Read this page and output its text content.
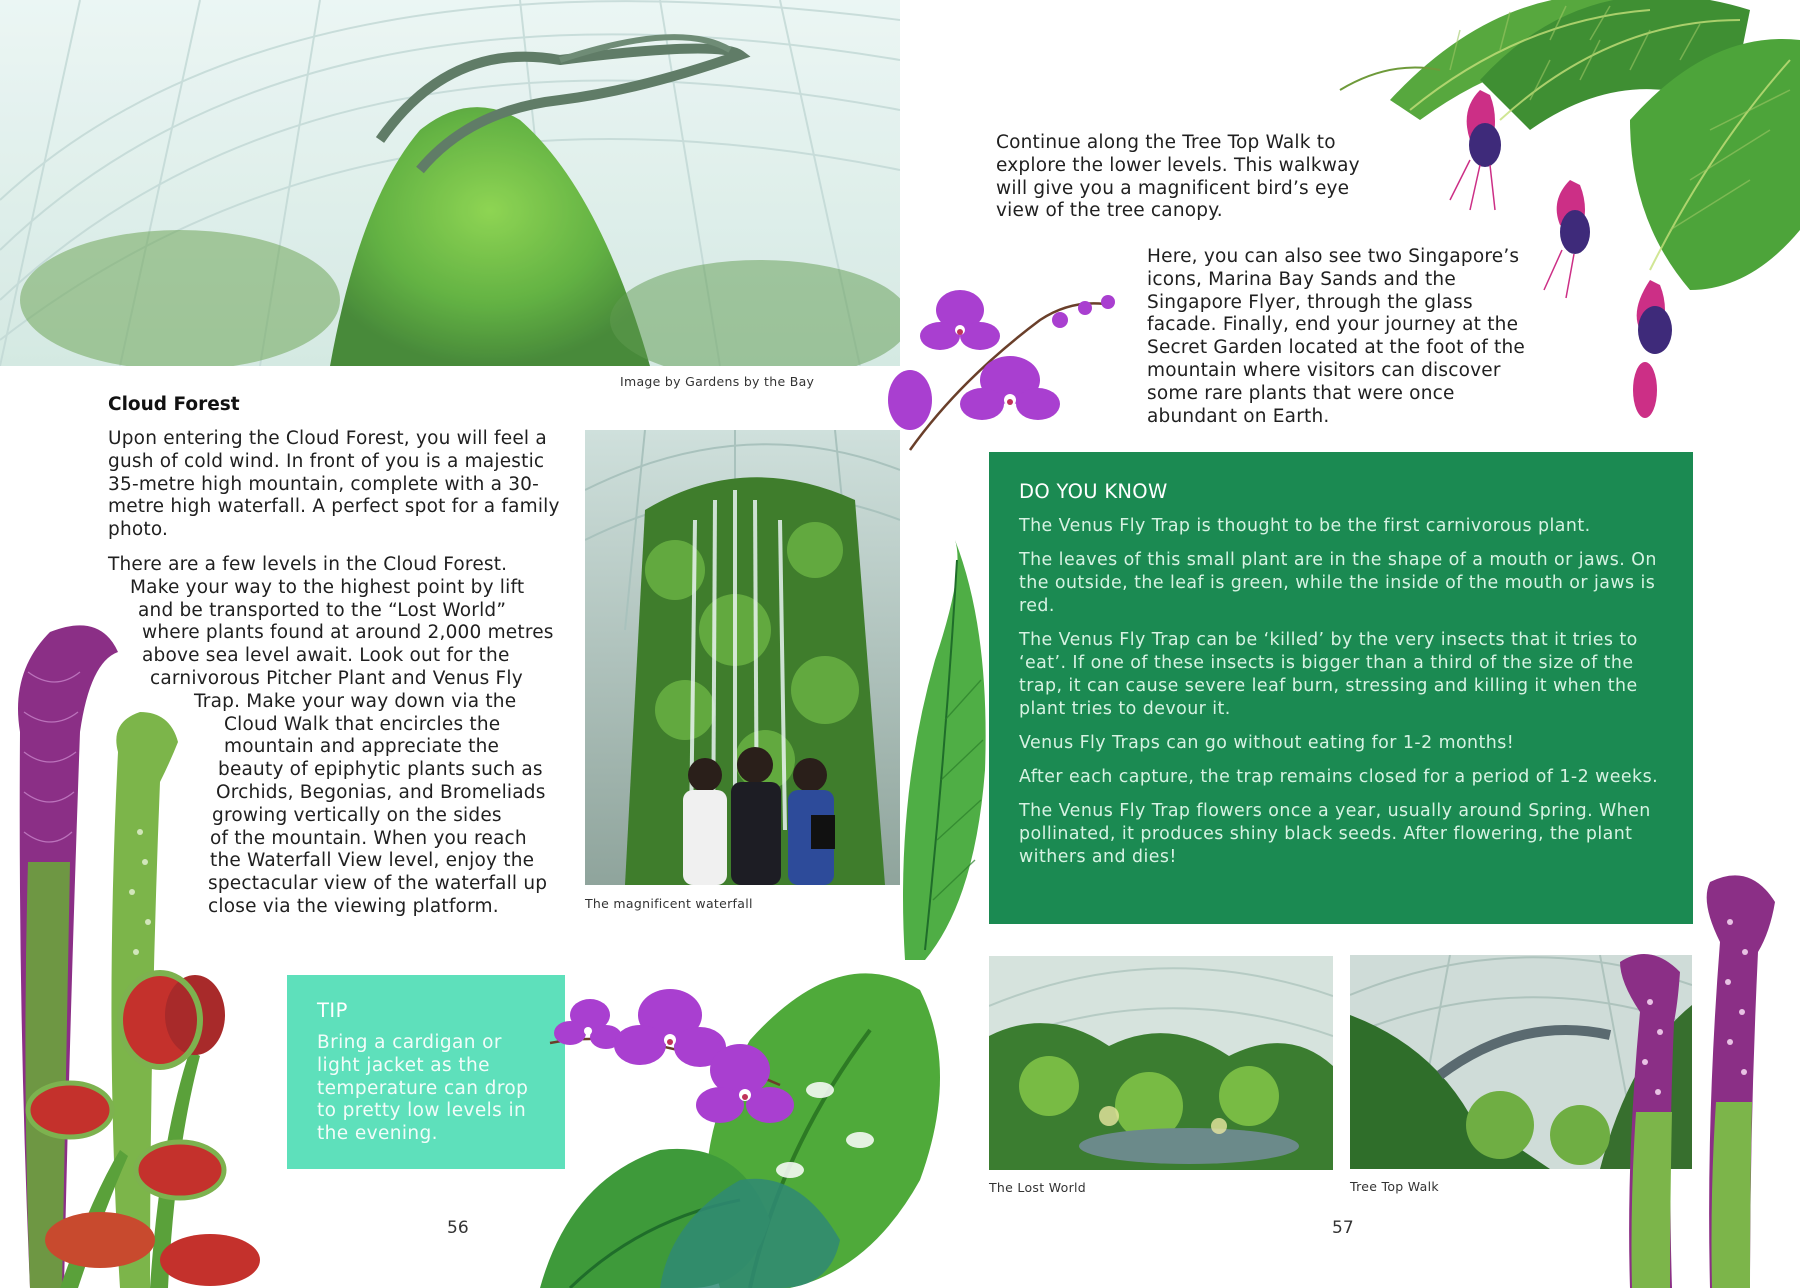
Image by Gardens by the Bay
Cloud Forest

Upon entering the Cloud Forest, you will feel a gush of cold wind. In front of you is a majestic 35-metre high mountain, complete with a 30-metre high waterfall. A perfect spot for a family photo.

There are a few levels in the Cloud Forest.
Make your way to the highest point by lift
and be transported to the “Lost World”
where plants found at around 2,000 metres
above sea level await. Look out for the
carnivorous Pitcher Plant and Venus Fly
Trap. Make your way down via the
Cloud Walk that encircles the
mountain and appreciate the
beauty of epiphytic plants such as
Orchids, Begonias, and Bromeliads
growing vertically on the sides
of the mountain. When you reach
the Waterfall View level, enjoy the
spectacular view of the waterfall up
close via the viewing platform.	The magnificent waterfall
TIP

Bring a cardigan or light jacket as the temperature can drop to pretty low levels in the evening.

56

Continue along the Tree Top Walk to explore the lower levels. This walkway will give you a magnificent bird’s eye view of the tree canopy.

Here, you can also see two Singapore’s icons, Marina Bay Sands and the Singapore Flyer, through the glass facade. Finally, end your journey at the Secret Garden located at the foot of the mountain where visitors can discover some rare plants that were once abundant on Earth.

DO YOU KNOW

The Venus Fly Trap is thought to be the first carnivorous plant.

The leaves of this small plant are in the shape of a mouth or jaws. On the outside, the leaf is green, while the inside of the mouth or jaws is red.

The Venus Fly Trap can be ‘killed’ by the very insects that it tries to ‘eat’. If one of these insects is bigger than a third of the size of the trap, it can cause severe leaf burn, stressing and killing it when the plant tries to devour it.

Venus Fly Traps can go without eating for 1-2 months!

After each capture, the trap remains closed for a period of 1-2 weeks.

The Venus Fly Trap flowers once a year, usually around Spring. When pollinated, it produces shiny black seeds. After flowering, the plant withers and dies!

The Lost World	Tree Top Walk
57
